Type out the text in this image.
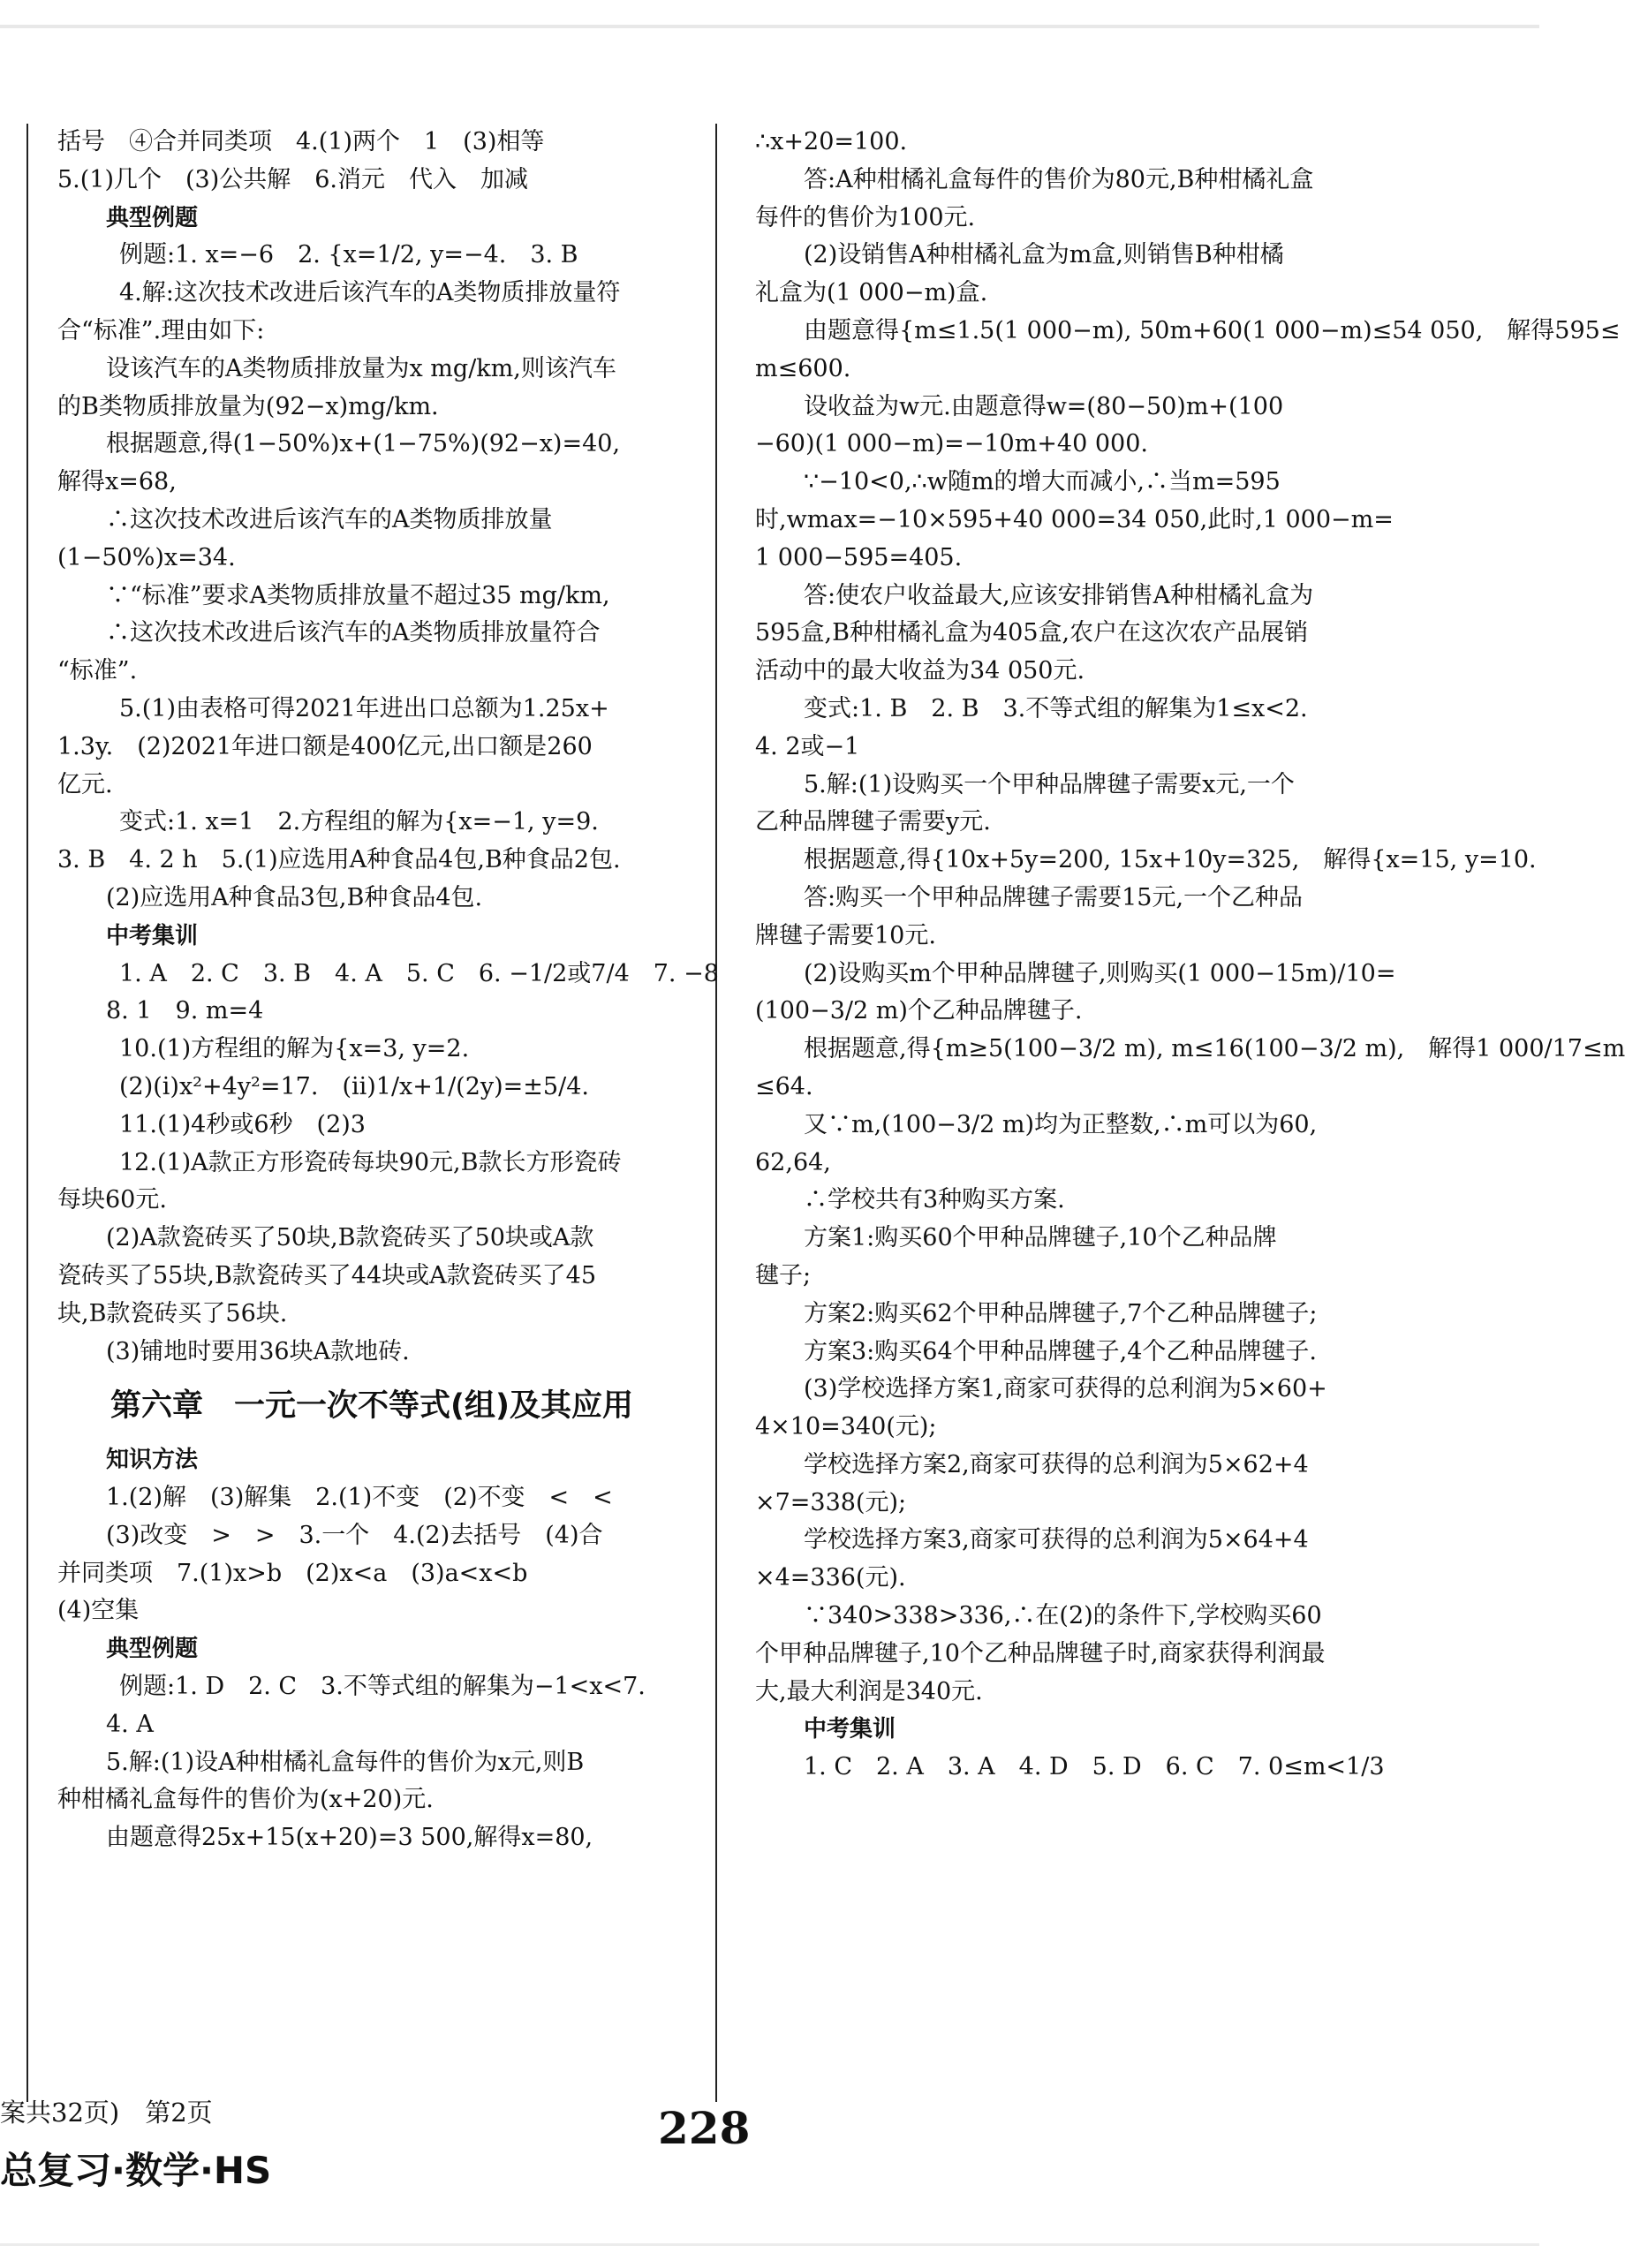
括号　④合并同类项　4.(1)两个　1　(3)相等
5.(1)几个　(3)公共解　6.消元　代入　加减
典型例题
例题:1. x=−6　2. {x=1/2, y=−4.　3. B
4.解:这次技术改进后该汽车的A类物质排放量符
合“标准”.理由如下:
设该汽车的A类物质排放量为x mg/km,则该汽车
的B类物质排放量为(92−x)mg/km.
根据题意,得(1−50%)x+(1−75%)(92−x)=40,
解得x=68,
∴这次技术改进后该汽车的A类物质排放量
(1−50%)x=34.
∵“标准”要求A类物质排放量不超过35 mg/km,
∴这次技术改进后该汽车的A类物质排放量符合
“标准”.
5.(1)由表格可得2021年进出口总额为1.25x+
1.3y.　(2)2021年进口额是400亿元,出口额是260
亿元.
变式:1. x=1　2.方程组的解为{x=−1, y=9.
3. B　4. 2 h　5.(1)应选用A种食品4包,B种食品2包.
(2)应选用A种食品3包,B种食品4包.
中考集训
1. A　2. C　3. B　4. A　5. C　6. −1/2或7/4　7. −8
8. 1　9. m=4
10.(1)方程组的解为{x=3, y=2.
(2)(ⅰ)x²+4y²=17.　(ⅱ)1/x+1/(2y)=±5/4.
11.(1)4秒或6秒　(2)3
12.(1)A款正方形瓷砖每块90元,B款长方形瓷砖
每块60元.
(2)A款瓷砖买了50块,B款瓷砖买了50块或A款
瓷砖买了55块,B款瓷砖买了44块或A款瓷砖买了45
块,B款瓷砖买了56块.
(3)铺地时要用36块A款地砖.
第六章　一元一次不等式(组)及其应用
知识方法
1.(2)解　(3)解集　2.(1)不变　(2)不变　<　<
(3)改变　>　>　3.一个　4.(2)去括号　(4)合
并同类项　7.(1)x>b　(2)x<a　(3)a<x<b
(4)空集
典型例题
例题:1. D　2. C　3.不等式组的解集为−1<x<7.
4. A
5.解:(1)设A种柑橘礼盒每件的售价为x元,则B
种柑橘礼盒每件的售价为(x+20)元.
由题意得25x+15(x+20)=3 500,解得x=80,
∴x+20=100.
答:A种柑橘礼盒每件的售价为80元,B种柑橘礼盒
每件的售价为100元.
(2)设销售A种柑橘礼盒为m盒,则销售B种柑橘
礼盒为(1 000−m)盒.
由题意得{m≤1.5(1 000−m), 50m+60(1 000−m)≤54 050,　解得595≤
m≤600.
设收益为w元.由题意得w=(80−50)m+(100
−60)(1 000−m)=−10m+40 000.
∵−10<0,∴w随m的增大而减小,∴当m=595
时,wmax=−10×595+40 000=34 050,此时,1 000−m=
1 000−595=405.
答:使农户收益最大,应该安排销售A种柑橘礼盒为
595盒,B种柑橘礼盒为405盒,农户在这次农产品展销
活动中的最大收益为34 050元.
变式:1. B　2. B　3.不等式组的解集为1≤x<2.
4. 2或−1
5.解:(1)设购买一个甲种品牌毽子需要x元,一个
乙种品牌毽子需要y元.
根据题意,得{10x+5y=200, 15x+10y=325,　解得{x=15, y=10.
答:购买一个甲种品牌毽子需要15元,一个乙种品
牌毽子需要10元.
(2)设购买m个甲种品牌毽子,则购买(1 000−15m)/10=
(100−3/2 m)个乙种品牌毽子.
根据题意,得{m≥5(100−3/2 m), m≤16(100−3/2 m),　解得1 000/17≤m
≤64.
又∵m,(100−3/2 m)均为正整数,∴m可以为60,
62,64,
∴学校共有3种购买方案.
方案1:购买60个甲种品牌毽子,10个乙种品牌
毽子;
方案2:购买62个甲种品牌毽子,7个乙种品牌毽子;
方案3:购买64个甲种品牌毽子,4个乙种品牌毽子.
(3)学校选择方案1,商家可获得的总利润为5×60+
4×10=340(元);
学校选择方案2,商家可获得的总利润为5×62+4
×7=338(元);
学校选择方案3,商家可获得的总利润为5×64+4
×4=336(元).
∵340>338>336,∴在(2)的条件下,学校购买60
个甲种品牌毽子,10个乙种品牌毽子时,商家获得利润最
大,最大利润是340元.
中考集训
1. C　2. A　3. A　4. D　5. D　6. C　7. 0≤m<1/3
案共32页)　第2页	228
总复习·数学·HS
